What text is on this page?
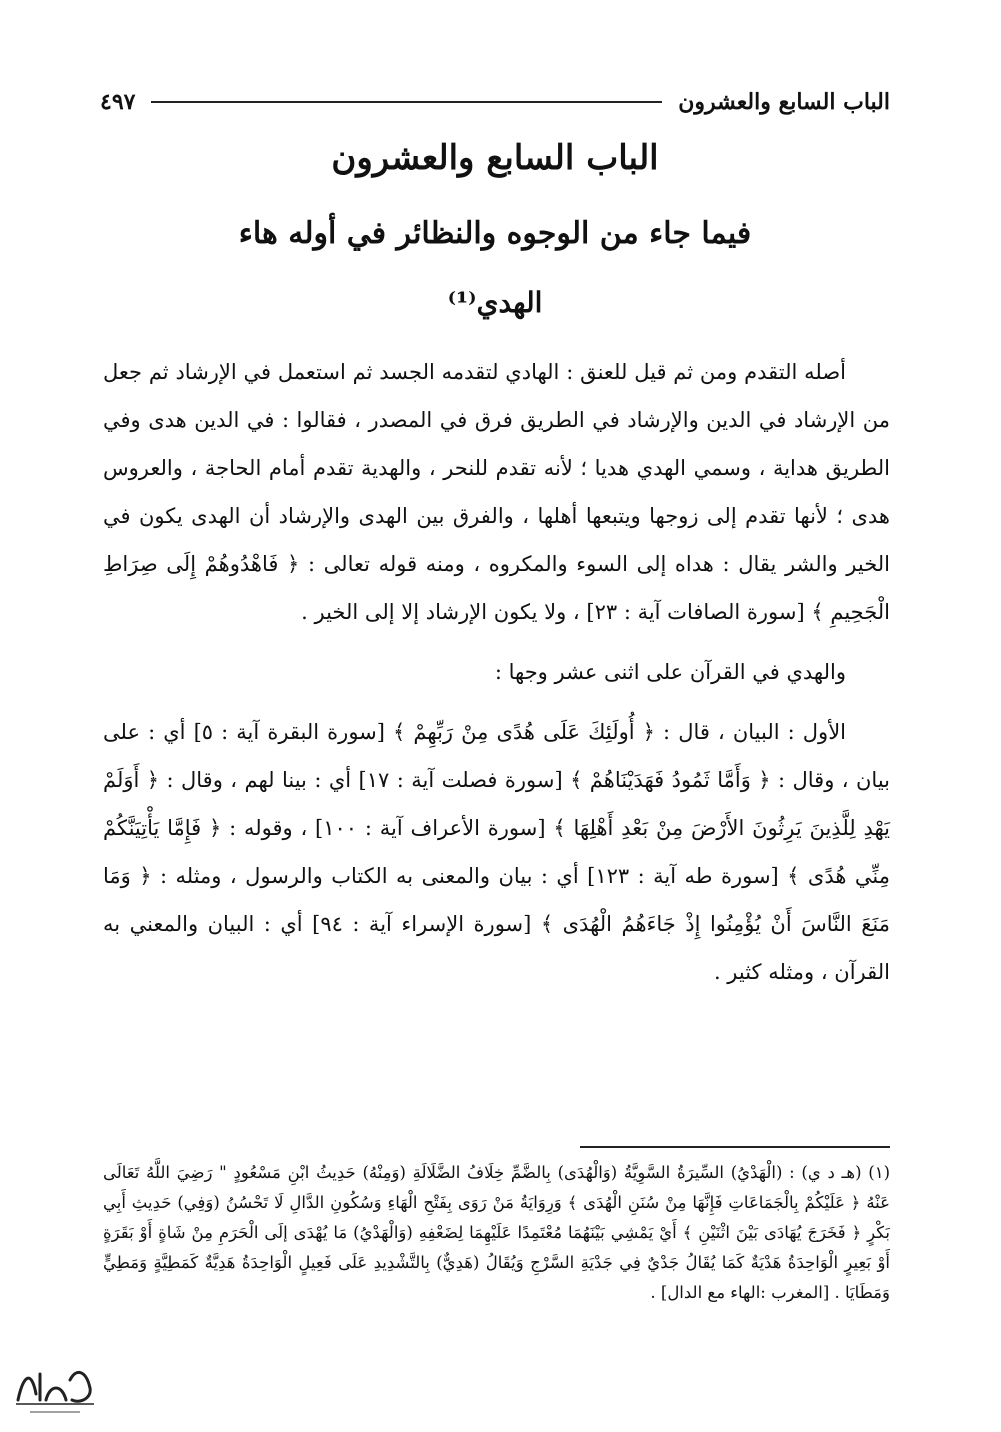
الباب السابع والعشرون
٤٩٧
الباب السابع والعشرون
فيما جاء من الوجوه والنظائر في أوله هاء
الهدي⁽¹⁾

أصله التقدم ومن ثم قيل للعنق : الهادي لتقدمه الجسد ثم استعمل في الإرشاد ثم جعل من الإرشاد في الدين والإرشاد في الطريق فرق في المصدر ، فقالوا : في الدين هدى وفي الطريق هداية ، وسمي الهدي هديا ؛ لأنه تقدم للنحر ، والهدية تقدم أمام الحاجة ، والعروس هدى ؛ لأنها تقدم إلى زوجها ويتبعها أهلها ، والفرق بين الهدى والإرشاد أن الهدى يكون في الخير والشر يقال : هداه إلى السوء والمكروه ، ومنه قوله تعالى : ﴿ فَاهْدُوهُمْ إِلَى صِرَاطِ الْجَحِيمِ ﴾ [سورة الصافات آية : ٢٣] ، ولا يكون الإرشاد إلا إلى الخير .

والهدي في القرآن على اثنى عشر وجها :

الأول : البيان ، قال : ﴿ أُولَئِكَ عَلَى هُدًى مِنْ رَبِّهِمْ ﴾ [سورة البقرة آية : ٥] أي : على بيان ، وقال : ﴿ وَأَمَّا ثَمُودُ فَهَدَيْنَاهُمْ ﴾ [سورة فصلت آية : ١٧] أي : بينا لهم ، وقال : ﴿ أَوَلَمْ يَهْدِ لِلَّذِينَ يَرِثُونَ الأَرْضَ مِنْ بَعْدِ أَهْلِهَا ﴾ [سورة الأعراف آية : ١٠٠] ، وقوله : ﴿ فَإِمَّا يَأْتِيَنَّكُمْ مِنِّي هُدًى ﴾ [سورة طه آية : ١٢٣] أي : بيان والمعنى به الكتاب والرسول ، ومثله : ﴿ وَمَا مَنَعَ النَّاسَ أَنْ يُؤْمِنُوا إِذْ جَاءَهُمُ الْهُدَى ﴾ [سورة الإسراء آية : ٩٤] أي : البيان والمعني به القرآن ، ومثله كثير .

(١) (هـ د ي) : (الْهَدْيُ) السِّيرَةُ السَّوِيَّةُ (وَالْهُدَى) بِالضَّمِّ خِلَافُ الضَّلَالَةِ (وَمِنْهُ) حَدِيثُ ابْنِ مَسْعُودٍ " رَضِيَ اللَّهُ تَعَالَى عَنْهُ ﴿ عَلَيْكُمْ بِالْجَمَاعَاتِ فَإِنَّهَا مِنْ سُنَنِ الْهُدَى ﴾ وَرِوَايَةُ مَنْ رَوَى بِفَتْحِ الْهَاءِ وَسُكُونِ الدَّالِ لَا تَحْسُنُ (وَفِي) حَدِيثِ أَبِي بَكْرٍ ﴿ فَخَرَجَ يُهَادَى بَيْنَ اثْنَيْنِ ﴾ أَيْ يَمْشِي بَيْنَهُمَا مُعْتَمِدًا عَلَيْهِمَا لِضَعْفِهِ (وَالْهَدْيُ) مَا يُهْدَى إلَى الْحَرَمِ مِنْ شَاةٍ أَوْ بَقَرَةٍ أَوْ بَعِيرٍ الْوَاحِدَةُ هَدْيَةٌ كَمَا يُقَالُ جَدْيٌ فِي جَدْيَةِ السَّرْجِ وَيُقَالُ (هَدِيٌّ) بِالتَّشْدِيدِ عَلَى فَعِيلٍ الْوَاحِدَةُ هَدِيَّةٌ كَمَطِيَّةٍ وَمَطِيٍّ وَمَطَايَا . [المغرب :الهاء مع الدال] .
